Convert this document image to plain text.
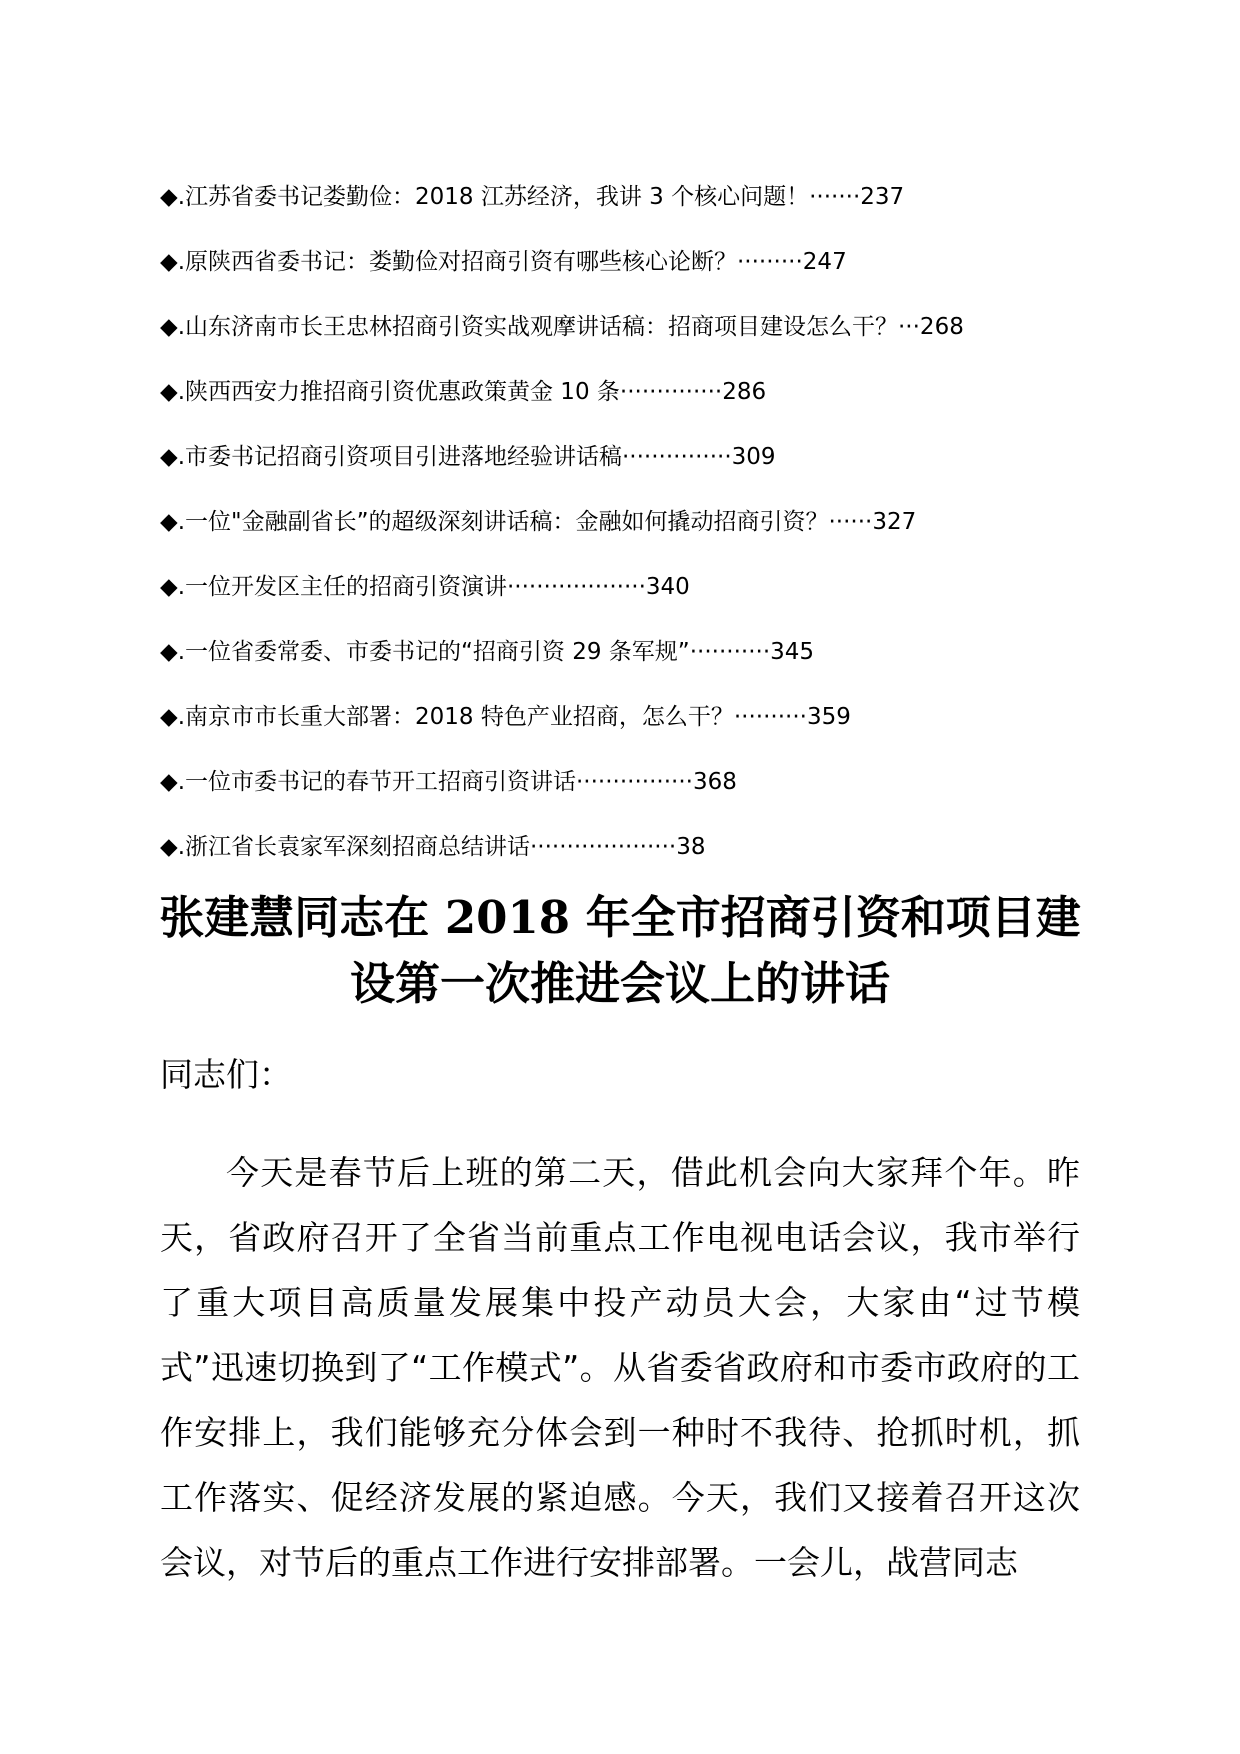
◆.江苏省委书记娄勤俭：2018 江苏经济，我讲 3 个核心问题！·······237
◆.原陕西省委书记：娄勤俭对招商引资有哪些核心论断？·········247
◆.山东济南市长王忠林招商引资实战观摩讲话稿：招商项目建设怎么干？···268
◆.陕西西安力推招商引资优惠政策黄金 10 条··············286
◆.市委书记招商引资项目引进落地经验讲话稿···············309
◆.一位"金融副省长”的超级深刻讲话稿：金融如何撬动招商引资？······327
◆.一位开发区主任的招商引资演讲···················340
◆.一位省委常委、市委书记的“招商引资 29 条军规”···········345
◆.南京市市长重大部署：2018 特色产业招商，怎么干？··········359
◆.一位市委书记的春节开工招商引资讲话················368
◆.浙江省长袁家军深刻招商总结讲话····················38
张建慧同志在 2018 年全市招商引资和项目建设第一次推进会议上的讲话

同志们：

今天是春节后上班的第二天，借此机会向大家拜个年。昨天，省政府召开了全省当前重点工作电视电话会议，我市举行了重大项目高质量发展集中投产动员大会，大家由“过节模式”迅速切换到了“工作模式”。从省委省政府和市委市政府的工作安排上，我们能够充分体会到一种时不我待、抢抓时机，抓工作落实、促经济发展的紧迫感。今天，我们又接着召开这次会议，对节后的重点工作进行安排部署。一会儿，战营同志
